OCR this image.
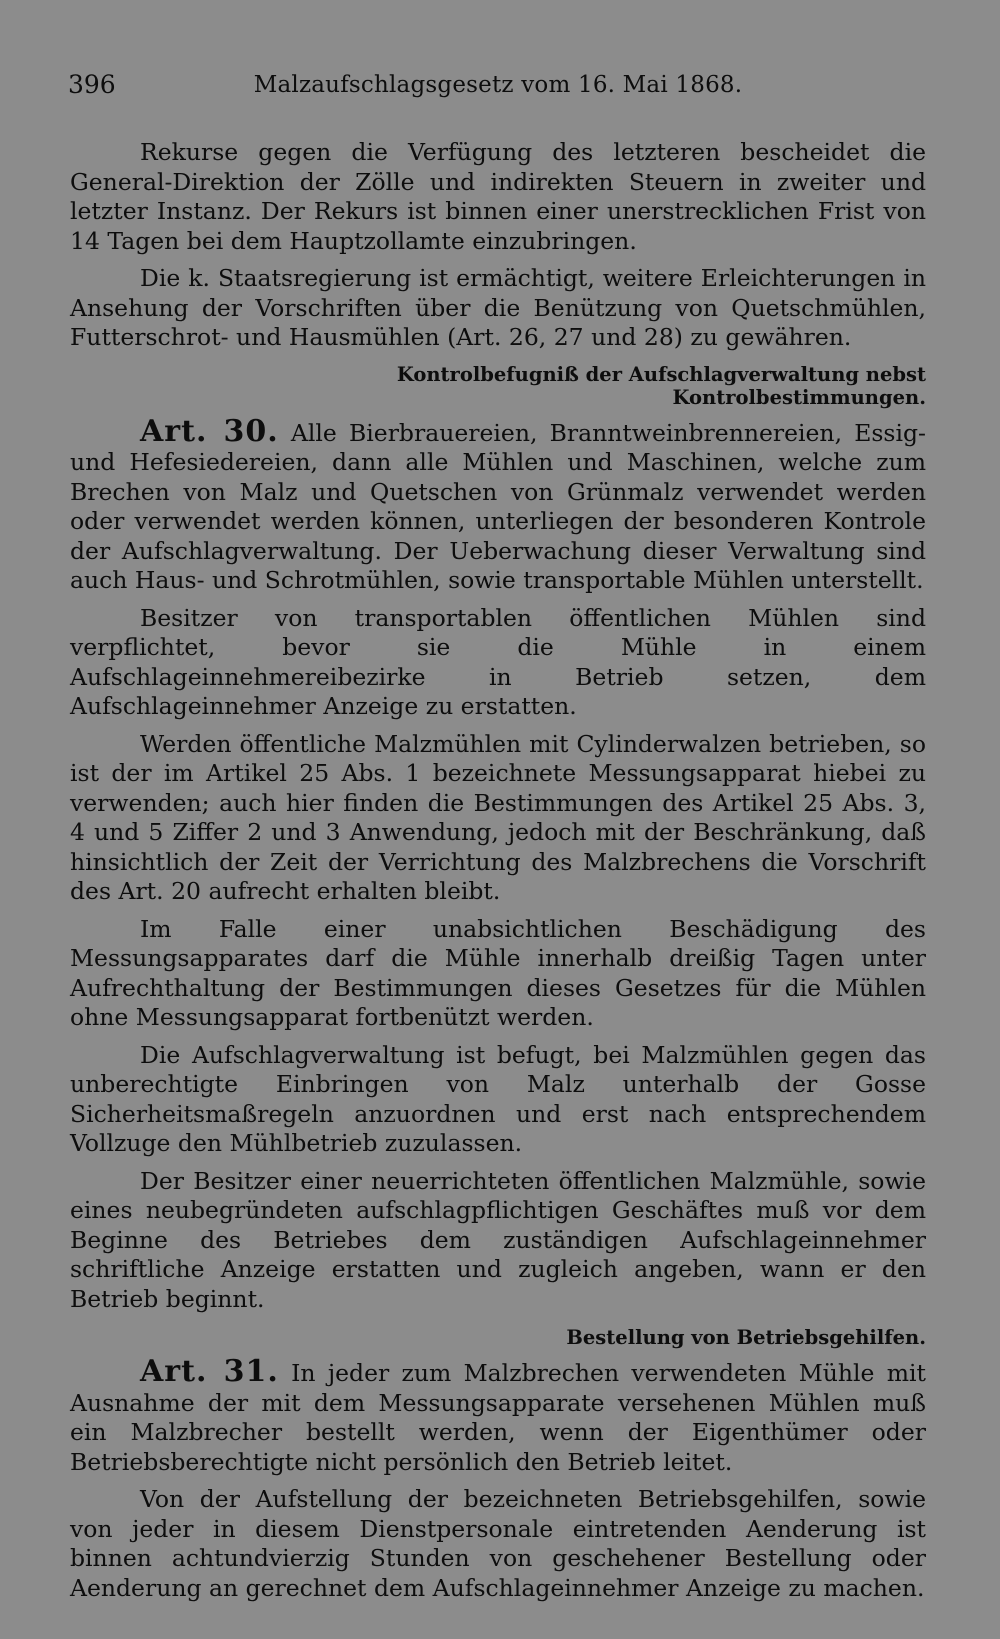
396	Malzaufschlagsgesetz vom 16. Mai 1868.

Rekurse gegen die Verfügung des letzteren bescheidet die General-Direktion der Zölle und indirekten Steuern in zweiter und letzter Instanz. Der Rekurs ist binnen einer unerstrecklichen Frist von 14 Tagen bei dem Hauptzollamte einzubringen.

Die k. Staatsregierung ist ermächtigt, weitere Erleichterungen in Ansehung der Vorschriften über die Benützung von Quetschmühlen, Futterschrot- und Hausmühlen (Art. 26, 27 und 28) zu gewähren.

Kontrolbefugniß der Aufschlagverwaltung nebst Kontrolbestimmungen.

Art. 30. Alle Bierbrauereien, Branntweinbrennereien, Essig- und Hefesiedereien, dann alle Mühlen und Maschinen, welche zum Brechen von Malz und Quetschen von Grünmalz verwendet werden oder verwendet werden können, unterliegen der besonderen Kontrole der Aufschlagverwaltung. Der Ueberwachung dieser Verwaltung sind auch Haus- und Schrotmühlen, sowie transportable Mühlen unterstellt.

Besitzer von transportablen öffentlichen Mühlen sind verpflichtet, bevor sie die Mühle in einem Aufschlageinnehmereibezirke in Betrieb setzen, dem Aufschlageinnehmer Anzeige zu erstatten.

Werden öffentliche Malzmühlen mit Cylinderwalzen betrieben, so ist der im Artikel 25 Abs. 1 bezeichnete Messungsapparat hiebei zu verwenden; auch hier finden die Bestimmungen des Artikel 25 Abs. 3, 4 und 5 Ziffer 2 und 3 Anwendung, jedoch mit der Beschränkung, daß hinsichtlich der Zeit der Verrichtung des Malzbrechens die Vorschrift des Art. 20 aufrecht erhalten bleibt.

Im Falle einer unabsichtlichen Beschädigung des Messungsapparates darf die Mühle innerhalb dreißig Tagen unter Aufrechthaltung der Bestimmungen dieses Gesetzes für die Mühlen ohne Messungsapparat fortbenützt werden.

Die Aufschlagverwaltung ist befugt, bei Malzmühlen gegen das unberechtigte Einbringen von Malz unterhalb der Gosse Sicherheitsmaßregeln anzuordnen und erst nach entsprechendem Vollzuge den Mühlbetrieb zuzulassen.

Der Besitzer einer neuerrichteten öffentlichen Malzmühle, sowie eines neubegründeten aufschlagpflichtigen Geschäftes muß vor dem Beginne des Betriebes dem zuständigen Aufschlageinnehmer schriftliche Anzeige erstatten und zugleich angeben, wann er den Betrieb beginnt.

Bestellung von Betriebsgehilfen.

Art. 31. In jeder zum Malzbrechen verwendeten Mühle mit Ausnahme der mit dem Messungsapparate versehenen Mühlen muß ein Malzbrecher bestellt werden, wenn der Eigenthümer oder Betriebsberechtigte nicht persönlich den Betrieb leitet.

Von der Aufstellung der bezeichneten Betriebsgehilfen, sowie von jeder in diesem Dienstpersonale eintretenden Aenderung ist binnen achtundvierzig Stunden von geschehener Bestellung oder Aenderung an gerechnet dem Aufschlageinnehmer Anzeige zu machen.
